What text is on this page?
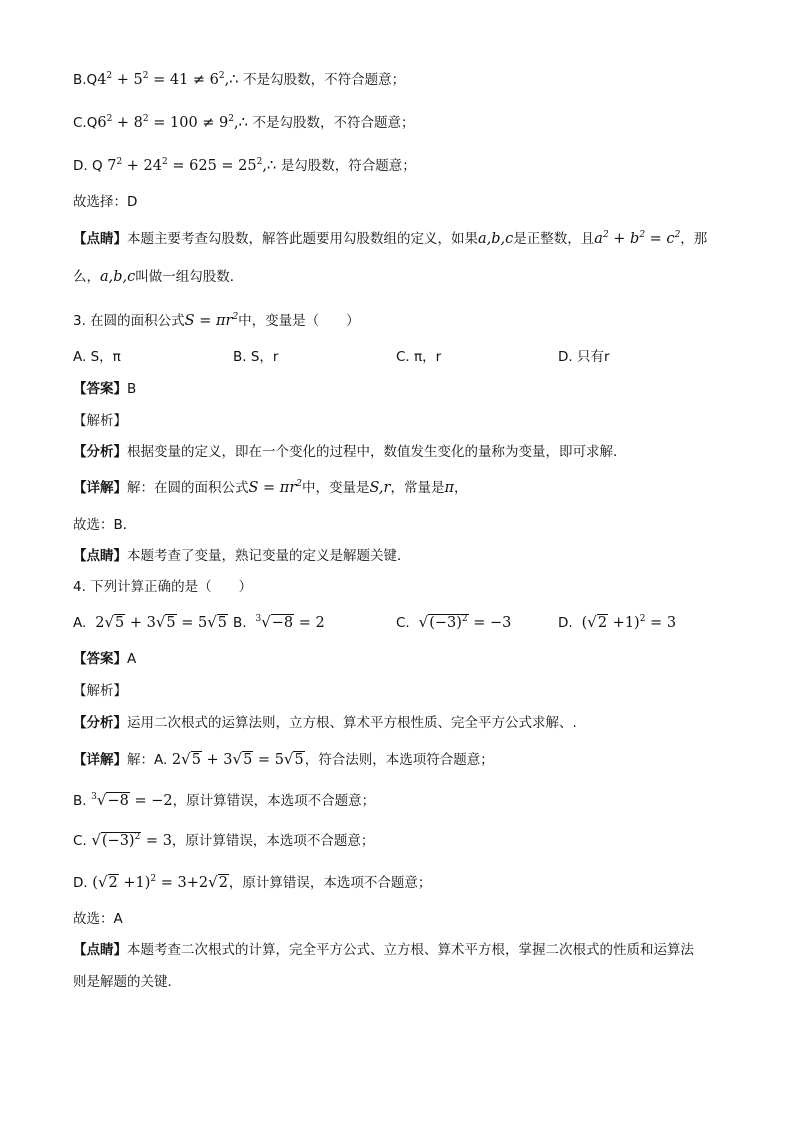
$B.Q4^2 + 5^2 = 41$ ≠ $6^2,\therefore$ 不是勾股数，不符合题意；
$C.Q6^2 + 8^2 = 100$ ≠ $9^2,\therefore$ 不是勾股数，不符合题意；
D. Q $7^2 + 24^2 = 625$ = $25^2,\therefore$ 是勾股数，符合题意；
故选择：D
【点睛】本题主要考查勾股数，解答此题要用勾股数组的定义，如果a,b,c是正整数，且$a^2 + b^2 = c^2$，那
么，a,b,c叫做一组勾股数．
3. 在圆的面积公式$S = \pi r^2$中，变量是（　　）
A. S，π	B. S，r	C. π，r	D. 只有r
【答案】B
【解析】
【分析】根据变量的定义，即在一个变化的过程中，数值发生变化的量称为变量，即可求解．
【详解】解：在圆的面积公式$S = \pi r^2$中，变量是S,r，常量是π，
故选：B．
【点睛】本题考查了变量，熟记变量的定义是解题关键．
4. 下列计算正确的是（　　）
A.  2√5 + 3√5 = 5√5 B. $^3$√−8 = 2	C. $√(-3)^2 = -3$	D.  $(√2 +1)^2 = 3$
【答案】A
【解析】
【分析】运用二次根式的运算法则，立方根、算术平方根性质、完全平方公式求解、.
【详解】解：A. 2√5 + 3√5 = 5√5，符合法则，本选项符合题意；
B. $^3$√−8 = −2，原计算错误，本选项不合题意；
C. $√(-3)^2 = 3$，原计算错误，本选项不合题意；
D. $(√2 +1)^2 = 3+2√2$，原计算错误，本选项不合题意；
故选：A
【点睛】本题考查二次根式的计算，完全平方公式、立方根、算术平方根，掌握二次根式的性质和运算法
则是解题的关键．
